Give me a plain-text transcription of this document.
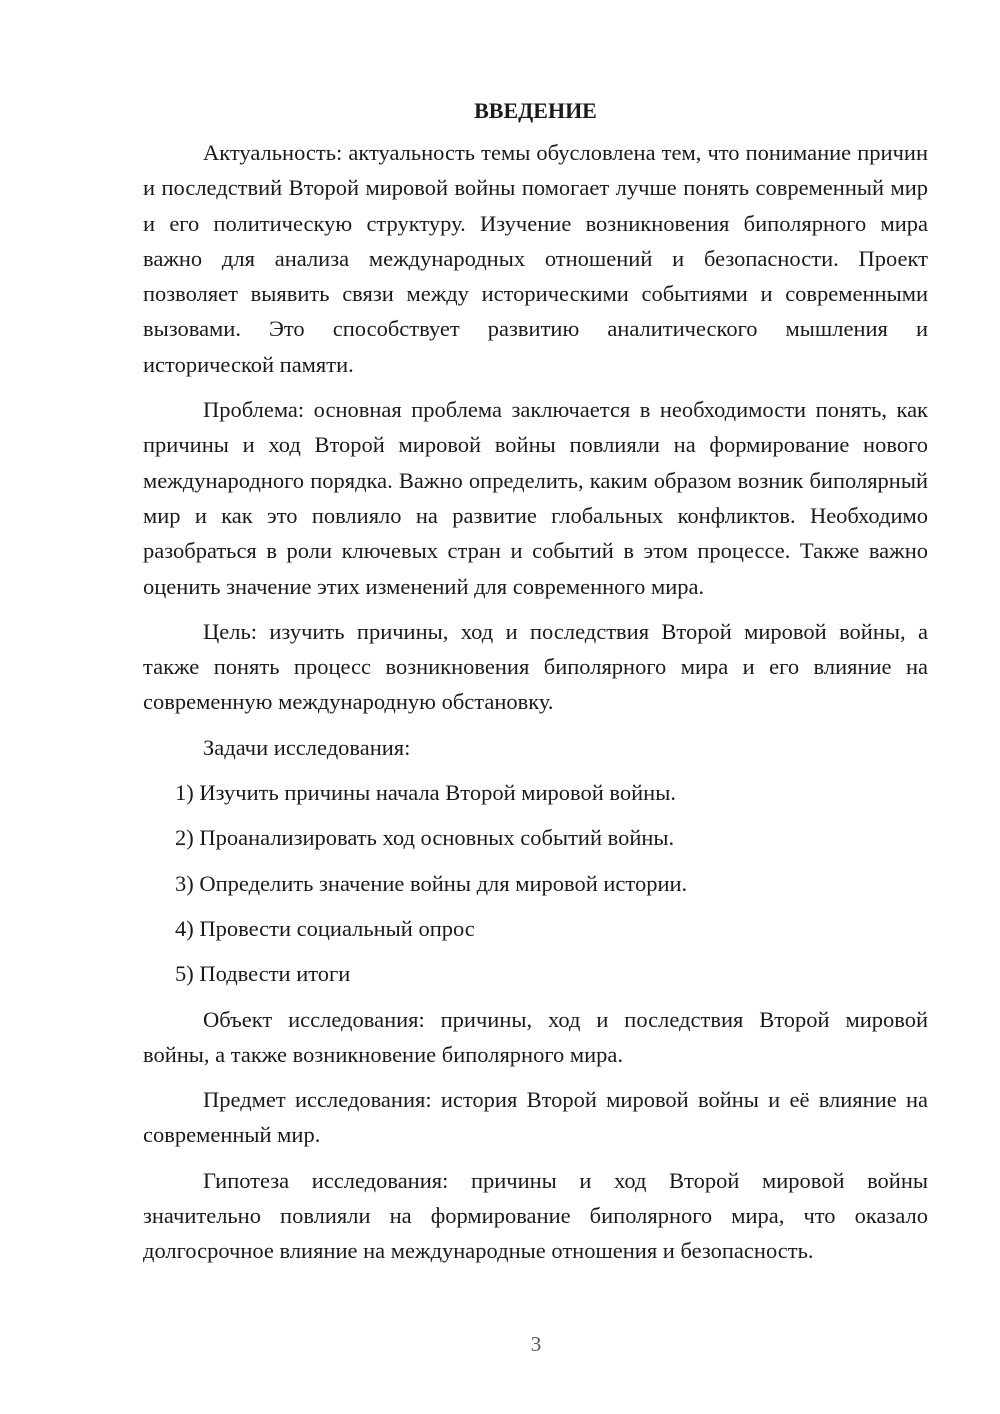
ВВЕДЕНИЕ

Актуальность: актуальность темы обусловлена тем, что понимание причин и последствий Второй мировой войны помогает лучше понять современный мир и его политическую структуру. Изучение возникновения биполярного мира важно для анализа международных отношений и безопасности. Проект позволяет выявить связи между историческими событиями и современными вызовами. Это способствует развитию аналитического мышления и исторической памяти.

Проблема: основная проблема заключается в необходимости понять, как причины и ход Второй мировой войны повлияли на формирование нового международного порядка. Важно определить, каким образом возник биполярный мир и как это повлияло на развитие глобальных конфликтов. Необходимо разобраться в роли ключевых стран и событий в этом процессе. Также важно оценить значение этих изменений для современного мира.

Цель: изучить причины, ход и последствия Второй мировой войны, а также понять процесс возникновения биполярного мира и его влияние на современную международную обстановку.

Задачи исследования:

1) Изучить причины начала Второй мировой войны.
2) Проанализировать ход основных событий войны.
3) Определить значение войны для мировой истории.
4) Провести социальный опрос
5) Подвести итоги

Объект исследования: причины, ход и последствия Второй мировой войны, а также возникновение биполярного мира.

Предмет исследования: история Второй мировой войны и её влияние на современный мир.

Гипотеза исследования: причины и ход Второй мировой войны значительно повлияли на формирование биполярного мира, что оказало долгосрочное влияние на международные отношения и безопасность.

3
